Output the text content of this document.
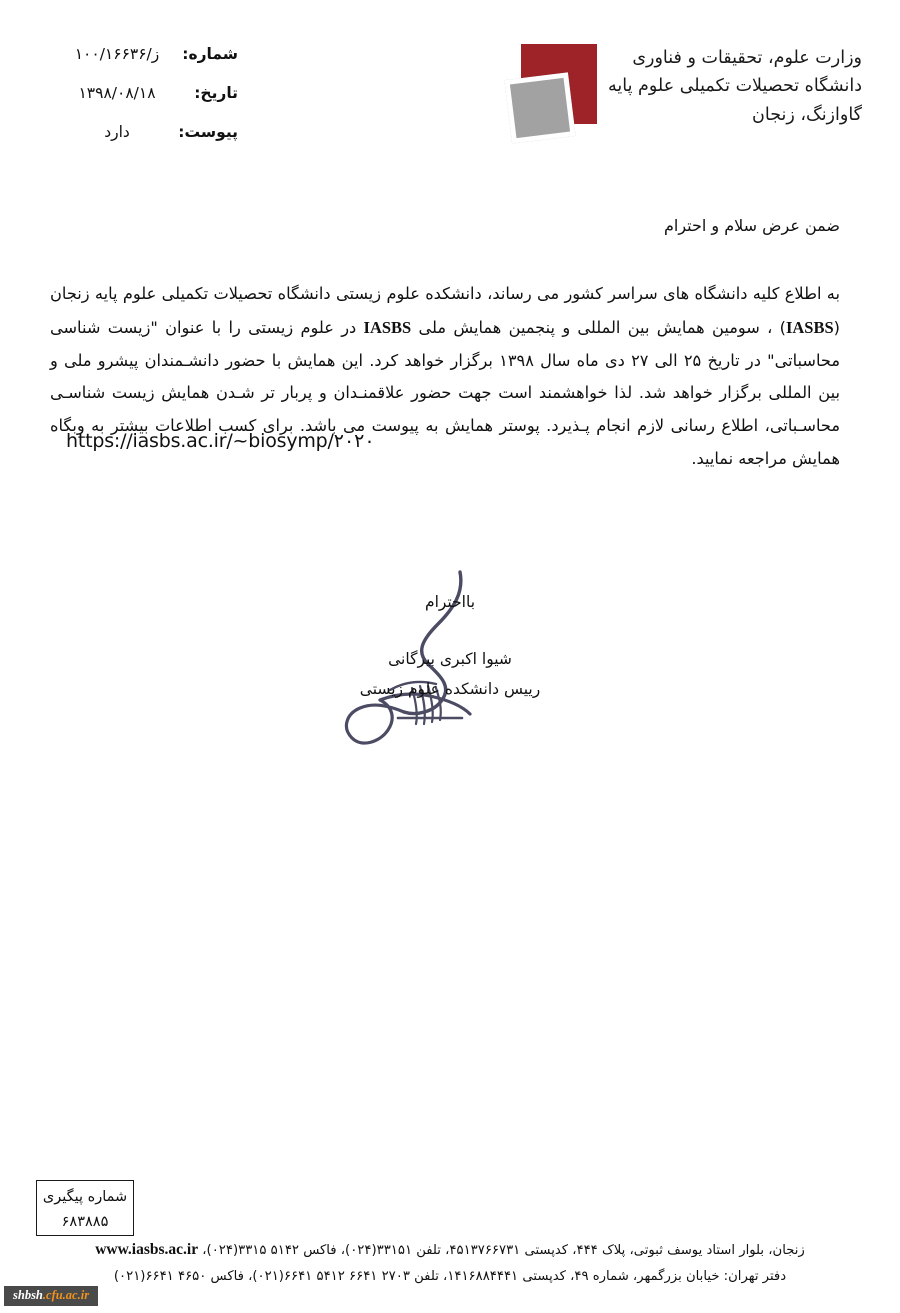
وزارت علوم، تحقیقات و فناوری
دانشگاه تحصیلات تکمیلی علوم پایه
گاوازنگ، زنجان
شماره:
ز/۱۰۰/۱۶۶۳۶
تاریخ:
۱۳۹۸/۰۸/۱۸
پیوست:
دارد
ضمن عرض سلام و احترام

به اطلاع کلیه دانشگاه های سراسر کشور می رساند، دانشکده علوم زیستی دانشگاه تحصیلات تکمیلی علوم پایه زنجان (IASBS) ، سومین همایش بین المللی و پنجمین همایش ملی IASBS در علوم زیستی را با عنوان "زیست شناسی محاسباتی" در تاریخ ۲۵ الی ۲۷ دی ماه سال ۱۳۹۸ برگزار خواهد کرد. این همایش با حضور دانشـمندان پیشرو ملی و بین المللی برگزار خواهد شد. لذا خواهشمند است جهت حضور علاقمنـدان و پربار تر شـدن همایش زیست شناسـی محاسـباتی، اطلاع رسانی لازم انجام پـذیرد. پوستر همایش به پیوست می باشد. برای کسب اطلاعات بیشتر به وبگاه همایش مراجعه نمایید.

https://iasbs.ac.ir/~biosymp/۲۰۲۰
بااحترام
شیوا اکبری بیرگانی
رییس دانشکده علوم زیستی
شماره پیگیری
۶۸۳۸۸۵
زنجان، بلوار استاد یوسف ثبوتی، پلاک ۴۴۴، کدپستی ۴۵۱۳۷۶۶۷۳۱، تلفن ۳۳۱۵۱(۰۲۴)، فاکس ۵۱۴۲ ۳۳۱۵(۰۲۴)، www.iasbs.ac.ir
دفتر تهران: خیابان بزرگمهر، شماره ۴۹، کدپستی ۱۴۱۶۸۸۴۴۴۱، تلفن ۲۷۰۳ ۶۶۴۱ ۵۴۱۲ ۶۶۴۱(۰۲۱)، فاکس ۴۶۵۰ ۶۶۴۱(۰۲۱)
shbsh.cfu.ac.ir
